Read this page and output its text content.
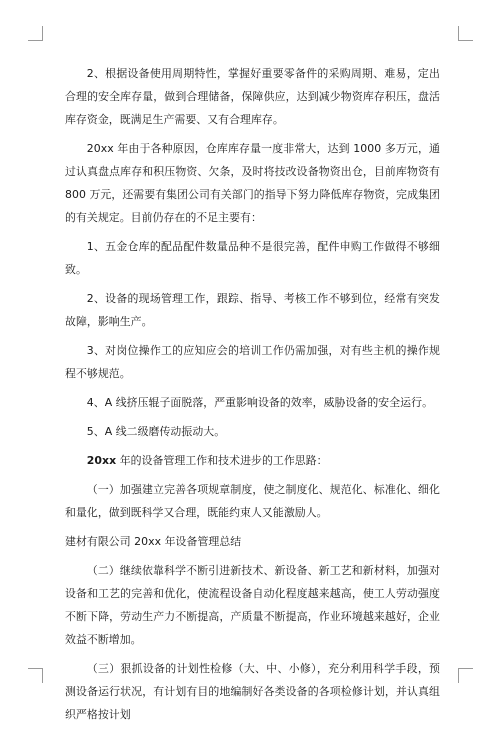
2、根据设备使用周期特性，掌握好重要零备件的采购周期、难易，定出合理的安全库存量，做到合理储备，保障供应，达到减少物资库存积压，盘活库存资金，既满足生产需要、又有合理库存。

20xx 年由于各种原因，仓库库存量一度非常大，达到 1000 多万元，通过认真盘点库存和积压物资、欠条，及时将技改设备物资出仓，目前库物资有 800 万元，还需要有集团公司有关部门的指导下努力降低库存物资，完成集团的有关规定。目前仍存在的不足主要有：

1、五金仓库的配品配件数量品种不是很完善，配件申购工作做得不够细致。

2、设备的现场管理工作，跟踪、指导、考核工作不够到位，经常有突发故障，影响生产。

3、对岗位操作工的应知应会的培训工作仍需加强，对有些主机的操作规程不够规范。

4、A 线挤压辊子面脱落，严重影响设备的效率，威胁设备的安全运行。

5、A 线二级磨传动振动大。

20xx 年的设备管理工作和技术进步的工作思路：

（一）加强建立完善各项规章制度，使之制度化、规范化、标准化、细化和量化，做到既科学又合理，既能约束人又能激励人。

建材有限公司 20xx 年设备管理总结

（二）继续依靠科学不断引进新技术、新设备、新工艺和新材料，加强对设备和工艺的完善和优化，使流程设备自动化程度越来越高，使工人劳动强度不断下降，劳动生产力不断提高，产质量不断提高，作业环境越来越好，企业效益不断增加。

（三）狠抓设备的计划性检修（大、中、小修），充分利用科学手段，预测设备运行状况，有计划有目的地编制好各类设备的各项检修计划，并认真组织严格按计划
